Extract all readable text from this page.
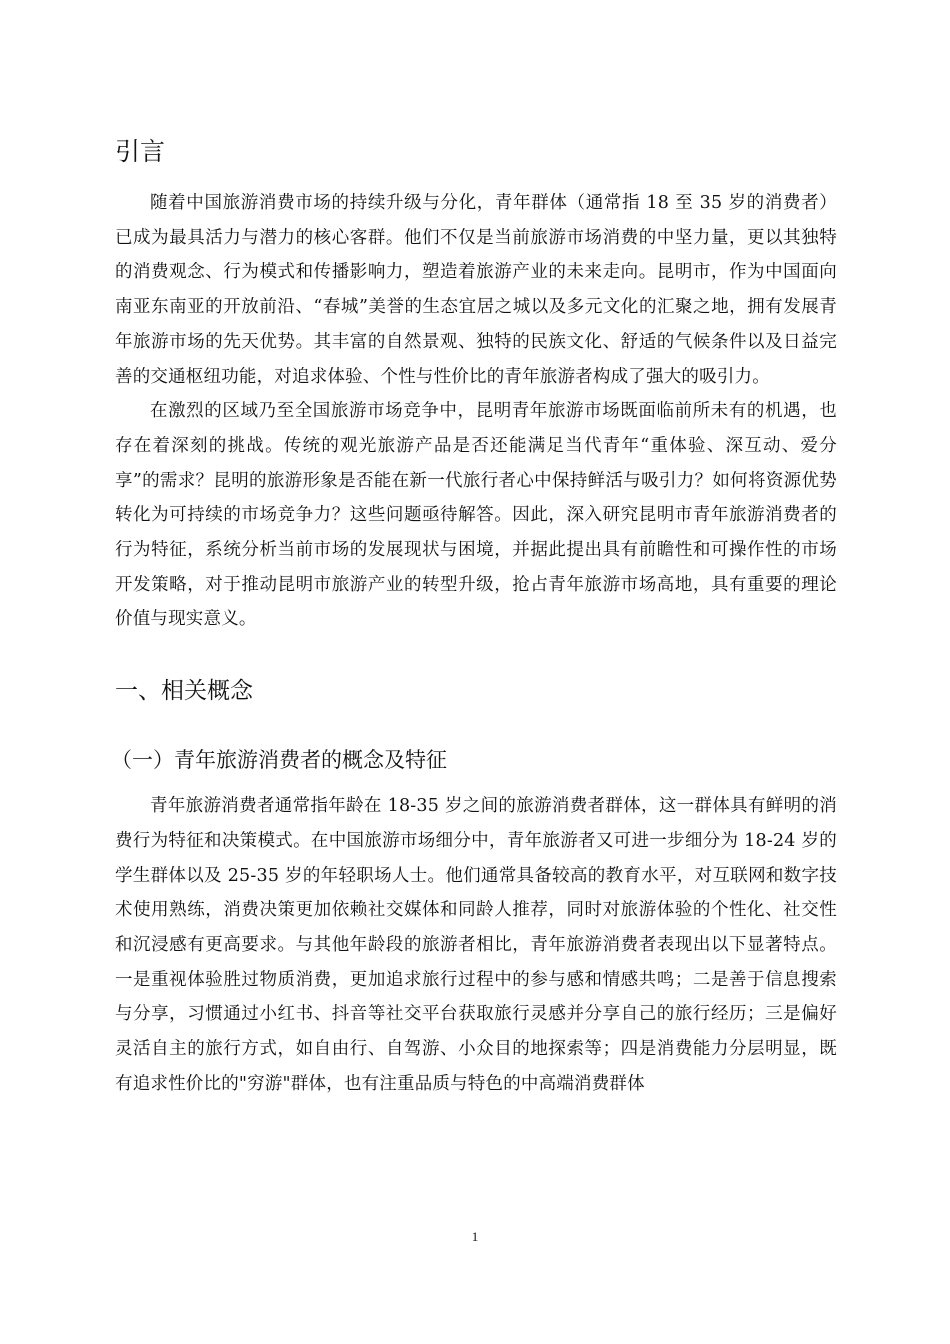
引言

随着中国旅游消费市场的持续升级与分化，青年群体（通常指 18 至 35 岁的消费者）已成为最具活力与潜力的核心客群。他们不仅是当前旅游市场消费的中坚力量，更以其独特的消费观念、行为模式和传播影响力，塑造着旅游产业的未来走向。昆明市，作为中国面向南亚东南亚的开放前沿、“春城”美誉的生态宜居之城以及多元文化的汇聚之地，拥有发展青年旅游市场的先天优势。其丰富的自然景观、独特的民族文化、舒适的气候条件以及日益完善的交通枢纽功能，对追求体验、个性与性价比的青年旅游者构成了强大的吸引力。

在激烈的区域乃至全国旅游市场竞争中，昆明青年旅游市场既面临前所未有的机遇，也存在着深刻的挑战。传统的观光旅游产品是否还能满足当代青年“重体验、深互动、爱分享”的需求？昆明的旅游形象是否能在新一代旅行者心中保持鲜活与吸引力？如何将资源优势转化为可持续的市场竞争力？这些问题亟待解答。因此，深入研究昆明市青年旅游消费者的行为特征，系统分析当前市场的发展现状与困境，并据此提出具有前瞻性和可操作性的市场开发策略，对于推动昆明市旅游产业的转型升级，抢占青年旅游市场高地，具有重要的理论价值与现实意义。

一、相关概念
（一）青年旅游消费者的概念及特征

青年旅游消费者通常指年龄在 18-35 岁之间的旅游消费者群体，这一群体具有鲜明的消费行为特征和决策模式。在中国旅游市场细分中，青年旅游者又可进一步细分为 18-24 岁的学生群体以及 25-35 岁的年轻职场人士。他们通常具备较高的教育水平，对互联网和数字技术使用熟练，消费决策更加依赖社交媒体和同龄人推荐，同时对旅游体验的个性化、社交性和沉浸感有更高要求。与其他年龄段的旅游者相比，青年旅游消费者表现出以下显著特点。一是重视体验胜过物质消费，更加追求旅行过程中的参与感和情感共鸣；二是善于信息搜索与分享，习惯通过小红书、抖音等社交平台获取旅行灵感并分享自己的旅行经历；三是偏好灵活自主的旅行方式，如自由行、自驾游、小众目的地探索等；四是消费能力分层明显，既有追求性价比的"穷游"群体，也有注重品质与特色的中高端消费群体

1
